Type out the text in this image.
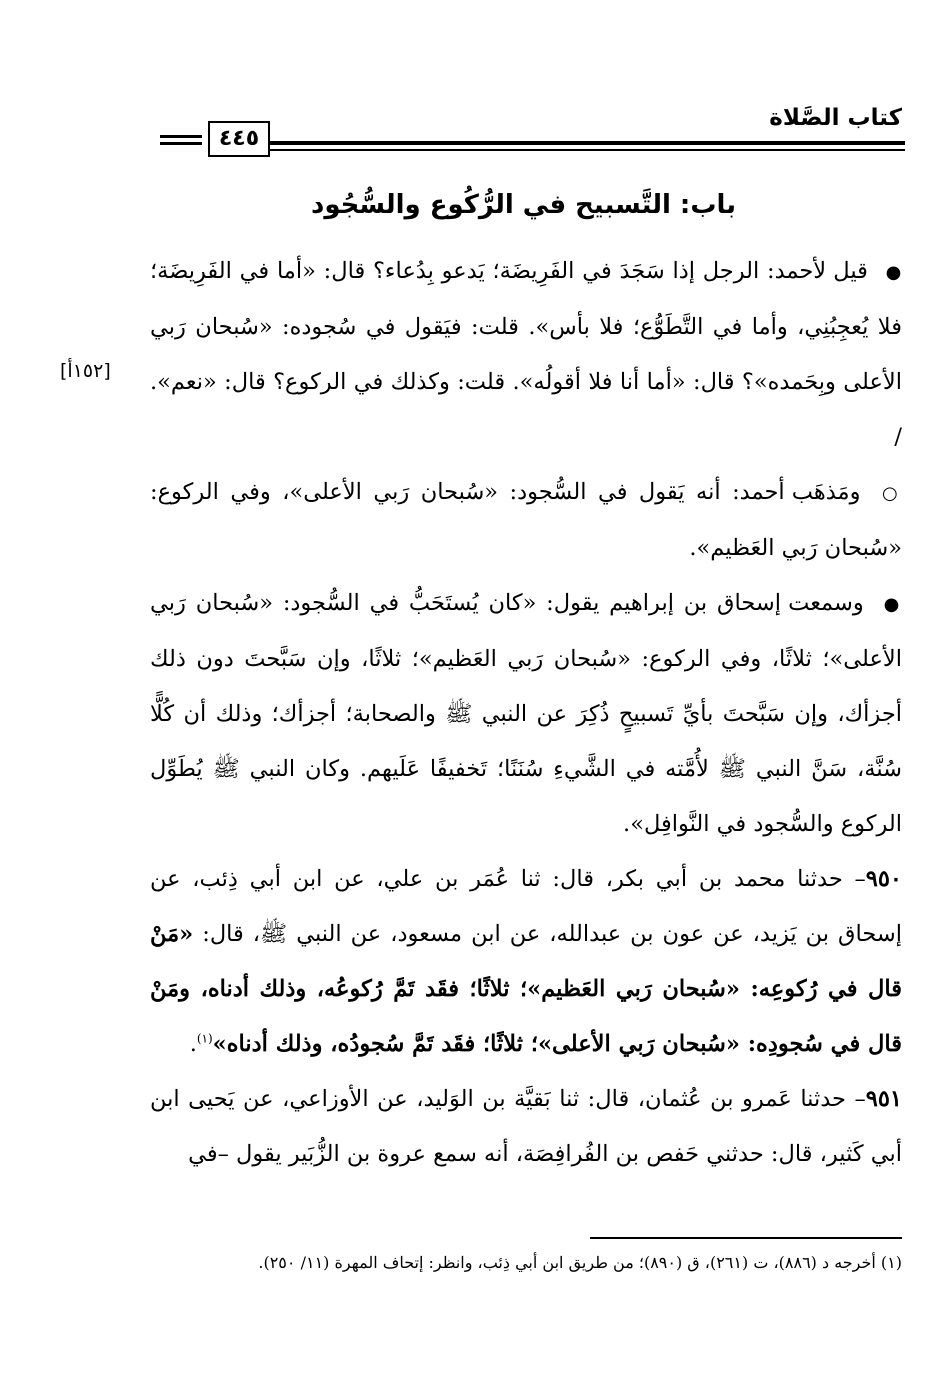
كتاب الصَّلاة
٤٤٥
باب: التَّسبيح في الرُّكُوع والسُّجُود
[١٥٢أ]

● قيل لأحمد: الرجل إذا سَجَدَ في الفَرِيضَة؛ يَدعو بِدُعاء؟ قال: «أما في الفَرِيضَة؛ فلا يُعجِبُنِي، وأما في التَّطَوُّع؛ فلا بأس». قلت: فيَقول في سُجوده: «سُبحان رَبي الأعلى وبِحَمده»؟ قال: «أما أنا فلا أقولُه». قلت: وكذلك في الركوع؟ قال: «نعم». /

○ ومَذهَب أحمد: أنه يَقول في السُّجود: «سُبحان رَبي الأعلى»، وفي الركوع: «سُبحان رَبي العَظيم».

● وسمعت إسحاق بن إبراهيم يقول: «كان يُستَحَبُّ في السُّجود: «سُبحان رَبي الأعلى»؛ ثلاثًا، وفي الركوع: «سُبحان رَبي العَظيم»؛ ثلاثًا، وإن سَبَّحتَ دون ذلك أجزأك، وإن سَبَّحتَ بأيِّ تَسبيحٍ ذُكِرَ عن النبي ﷺ والصحابة؛ أجزأك؛ وذلك أن كُلًّا سُنَّة، سَنَّ النبي ﷺ لأُمَّته في الشَّيءِ سُنَنًا؛ تَخفيفًا عَلَيهم. وكان النبي ﷺ يُطَوِّل الركوع والسُّجود في النَّوافِل».

٩٥٠– حدثنا محمد بن أبي بكر، قال: ثنا عُمَر بن علي، عن ابن أبي ذِئب، عن إسحاق بن يَزيد، عن عون بن عبدالله، عن ابن مسعود، عن النبي ﷺ، قال: «مَنْ قال في رُكوعِه: «سُبحان رَبي العَظيم»؛ ثلاثًا؛ فقَد تَمَّ رُكوعُه، وذلك أدناه، ومَنْ قال في سُجودِه: «سُبحان رَبي الأعلى»؛ ثلاثًا؛ فقَد تَمَّ سُجودُه، وذلك أدناه»$^{(١)}$.

٩٥١– حدثنا عَمرو بن عُثمان، قال: ثنا بَقيَّة بن الوَليد، عن الأوزاعي، عن يَحيى ابن أبي كَثير، قال: حدثني حَفص بن الفُرافِصَة، أنه سمع عروة بن الزُّبَير يقول –في

(١) أخرجه د (٨٨٦)، ت (٢٦١)، ق (٨٩٠)؛ من طريق ابن أبي ذِئب، وانظر: إتحاف المهرة (١١/ ٢٥٠).
